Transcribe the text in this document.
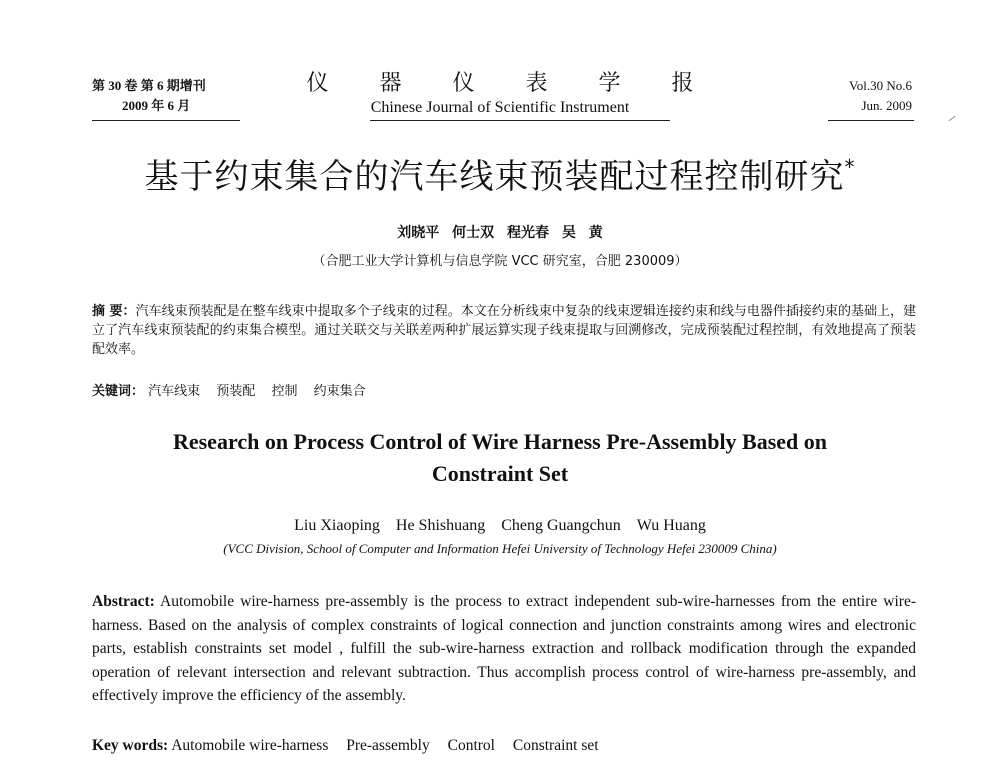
第 30 卷 第 6 期增刊
2009 年 6 月
仪 器 仪 表 学 报
Chinese Journal of Scientific Instrument
Vol.30 No.6
Jun. 2009
基于约束集合的汽车线束预装配过程控制研究*
刘晓平 何士双 程光春 吴 黄
（合肥工业大学计算机与信息学院 VCC 研究室，合肥 230009）
摘 要：汽车线束预装配是在整车线束中提取多个子线束的过程。本文在分析线束中复杂的线束逻辑连接约束和线与电器件插接约束的基础上，建立了汽车线束预装配的约束集合模型。通过关联交与关联差两种扩展运算实现子线束提取与回溯修改，完成预装配过程控制，有效地提高了预装配效率。
关键词： 汽车线束 预装配 控制 约束集合
Research on Process Control of Wire Harness Pre-Assembly Based on
Constraint Set
Liu Xiaoping He Shishuang Cheng Guangchun Wu Huang
(VCC Division, School of Computer and Information Hefei University of Technology Hefei 230009 China)
Abstract: Automobile wire-harness pre-assembly is the process to extract independent sub-wire-harnesses from the entire wire-harness. Based on the analysis of complex constraints of logical connection and junction constraints among wires and electronic parts, establish constraints set model , fulfill the sub-wire-harness extraction and rollback modification through the expanded operation of relevant intersection and relevant subtraction. Thus accomplish process control of wire-harness pre-assembly, and effectively improve the efficiency of the assembly.
Key words: Automobile wire-harness Pre-assembly Control Constraint set
